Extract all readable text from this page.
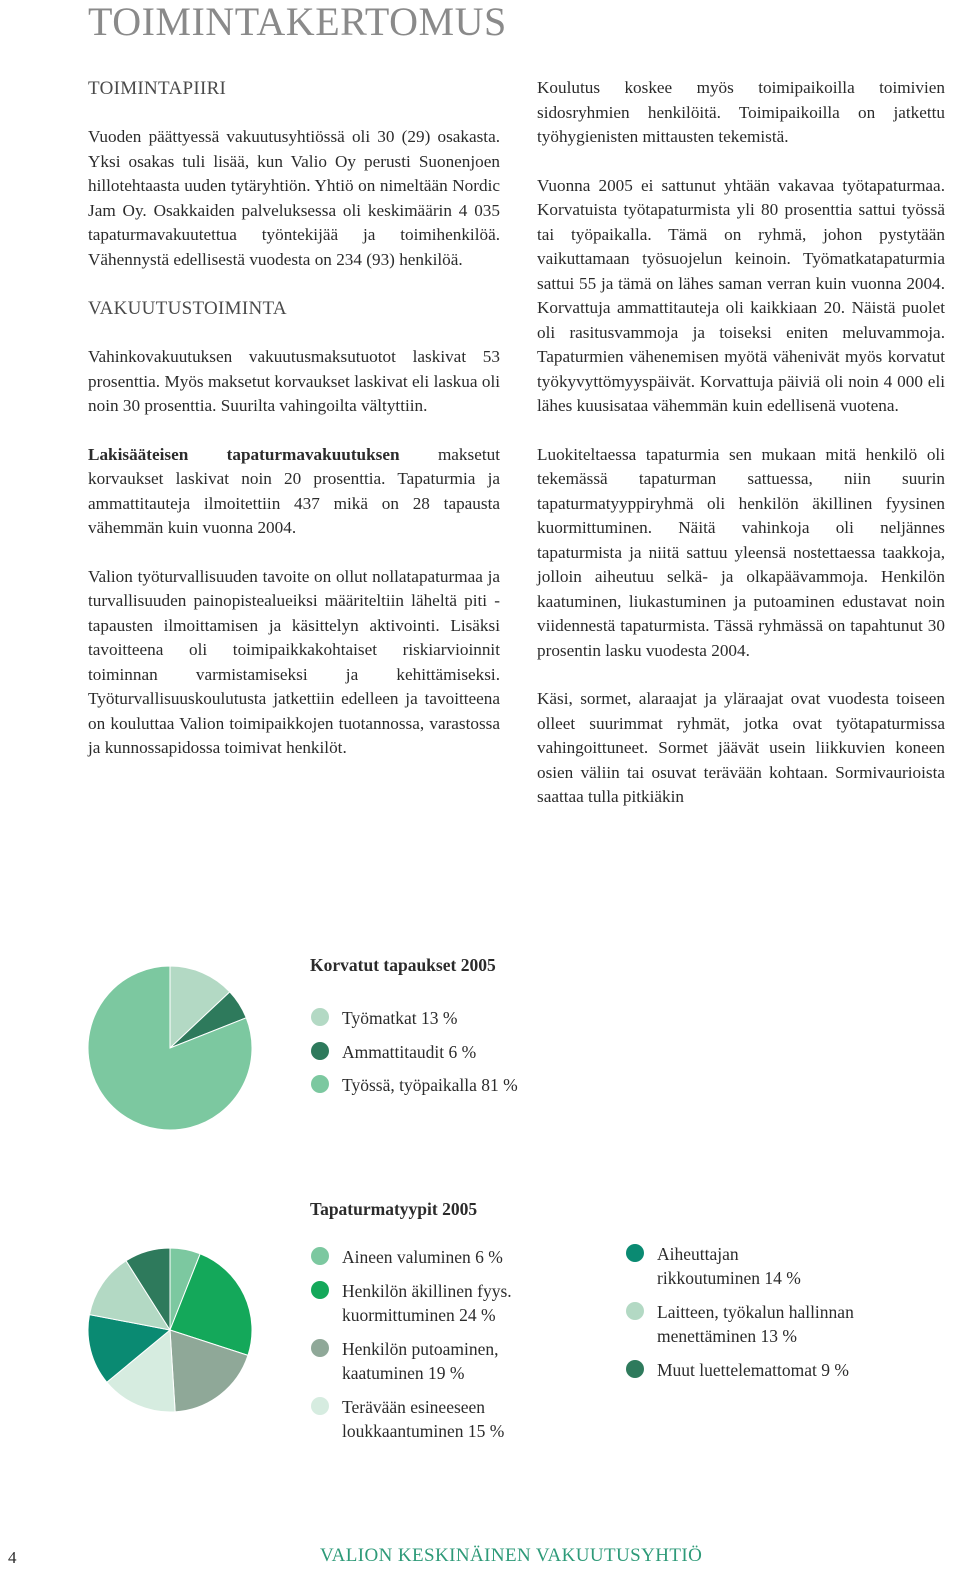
TOIMINTAKERTOMUS

TOIMINTAPIIRI

Vuoden päättyessä vakuutusyhtiössä oli 30 (29) osakasta. Yksi osakas tuli lisää, kun Valio Oy perusti Suonenjoen hillotehtaasta uuden tytäryhtiön. Yhtiö on nimeltään Nordic Jam Oy. Osakkaiden palveluksessa oli keskimäärin 4 035 tapaturmavakuutettua työntekijää ja toimihenkilöä. Vähennystä edellisestä vuodesta on 234 (93) henkilöä.

VAKUUTUSTOIMINTA

Vahinkovakuutuksen vakuutusmaksutuotot laskivat 53 prosenttia. Myös maksetut korvaukset laskivat eli laskua oli noin 30 prosenttia. Suurilta vahingoilta vältyttiin.

Lakisääteisen tapaturmavakuutuksen maksetut korvaukset laskivat noin 20 prosenttia. Tapaturmia ja ammattitauteja ilmoitettiin 437 mikä on 28 tapausta vähemmän kuin vuonna 2004.

Valion työturvallisuuden tavoite on ollut nollatapaturmaa ja turvallisuuden painopistealueiksi määriteltiin läheltä piti -tapausten ilmoittamisen ja käsittelyn aktivointi. Lisäksi tavoitteena oli toimipaikkakohtaiset riskiarvioinnit toiminnan varmistamiseksi ja kehittämiseksi. Työturvallisuuskoulutusta jatkettiin edelleen ja tavoitteena on kouluttaa Valion toimipaikkojen tuotannossa, varastossa ja kunnossapidossa toimivat henkilöt.

Koulutus koskee myös toimipaikoilla toimivien sidosryhmien henkilöitä. Toimipaikoilla on jatkettu työhygienisten mittausten tekemistä.

Vuonna 2005 ei sattunut yhtään vakavaa työtapaturmaa. Korvatuista työtapaturmista yli 80 prosenttia sattui työssä tai työpaikalla. Tämä on ryhmä, johon pystytään vaikuttamaan työsuojelun keinoin. Työmatkatapaturmia sattui 55 ja tämä on lähes saman verran kuin vuonna 2004. Korvattuja ammattitauteja oli kaikkiaan 20. Näistä puolet oli rasitusvammoja ja toiseksi eniten meluvammoja. Tapaturmien vähenemisen myötä vähenivät myös korvatut työkyvyttömyyspäivät. Korvattuja päiviä oli noin 4 000 eli lähes kuusisataa vähemmän kuin edellisenä vuotena.

Luokiteltaessa tapaturmia sen mukaan mitä henkilö oli tekemässä tapaturman sattuessa, niin suurin tapaturmatyyppiryhmä oli henkilön äkillinen fyysinen kuormittuminen. Näitä vahinkoja oli neljännes tapaturmista ja niitä sattuu yleensä nostettaessa taakkoja, jolloin aiheutuu selkä- ja olkapäävammoja. Henkilön kaatuminen, liukastuminen ja putoaminen edustavat noin viidennestä tapaturmista. Tässä ryhmässä on tapahtunut 30 prosentin lasku vuodesta 2004.

Käsi, sormet, alaraajat ja yläraajat ovat vuodesta toiseen olleet suurimmat ryhmät, jotka ovat työtapaturmissa vahingoittuneet. Sormet jäävät usein liikkuvien koneen osien väliin tai osuvat terävään kohtaan. Sormivaurioista saattaa tulla pitkiäkin

Korvatut tapaukset 2005
Työmatkat 13 %
Ammattitaudit 6 %
Työssä, työpaikalla 81 %
Tapaturmatyypit 2005
Aineen valuminen 6 %
Henkilön äkillinen fyys.
kuormittuminen 24 %
Henkilön putoaminen,
kaatuminen 19 %
Terävään esineeseen
loukkaantuminen 15 %
Aiheuttajan
rikkoutuminen 14 %
Laitteen, työkalun hallinnan
menettäminen 13 %
Muut luettelemattomat 9 %
4	VALION KESKINÄINEN VAKUUTUSYHTIÖ
